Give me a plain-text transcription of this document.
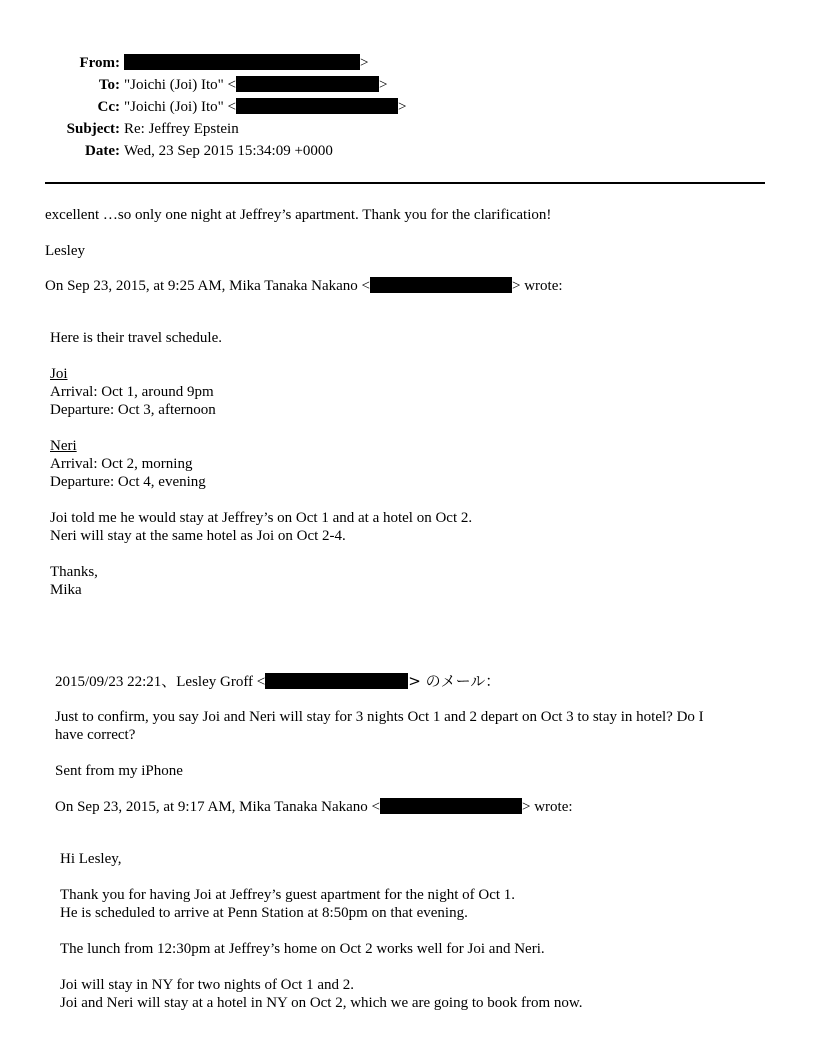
From:	>
To: "Joichi (Joi) Ito" <	>
Cc: "Joichi (Joi) Ito" <	>
Subject: Re: Jeffrey Epstein
Date: Wed, 23 Sep 2015 15:34:09 +0000
excellent …so only one night at Jeffrey’s apartment. Thank you for the clarification!
Lesley
On Sep 23, 2015, at 9:25 AM, Mika Tanaka Nakano <	> wrote:
Here is their travel schedule.
Joi
Arrival: Oct 1, around 9pm
Departure: Oct 3, afternoon
Neri
Arrival: Oct 2, morning
Departure: Oct 4, evening
Joi told me he would stay at Jeffrey’s on Oct 1 and at a hotel on Oct 2.
Neri will stay at the same hotel as Joi on Oct 2-4.
Thanks,
Mika
2015/09/23 22:21、Lesley Groff <	> のメール：
Just to confirm, you say Joi and Neri will stay for 3 nights Oct 1 and 2 depart on Oct 3 to stay in hotel? Do I
have correct?
Sent from my iPhone
On Sep 23, 2015, at 9:17 AM, Mika Tanaka Nakano <	> wrote:
Hi Lesley,
Thank you for having Joi at Jeffrey’s guest apartment for the night of Oct 1.
He is scheduled to arrive at Penn Station at 8:50pm on that evening.
The lunch from 12:30pm at Jeffrey’s home on Oct 2 works well for Joi and Neri.
Joi will stay in NY for two nights of Oct 1 and 2.
Joi and Neri will stay at a hotel in NY on Oct 2, which we are going to book from now.
